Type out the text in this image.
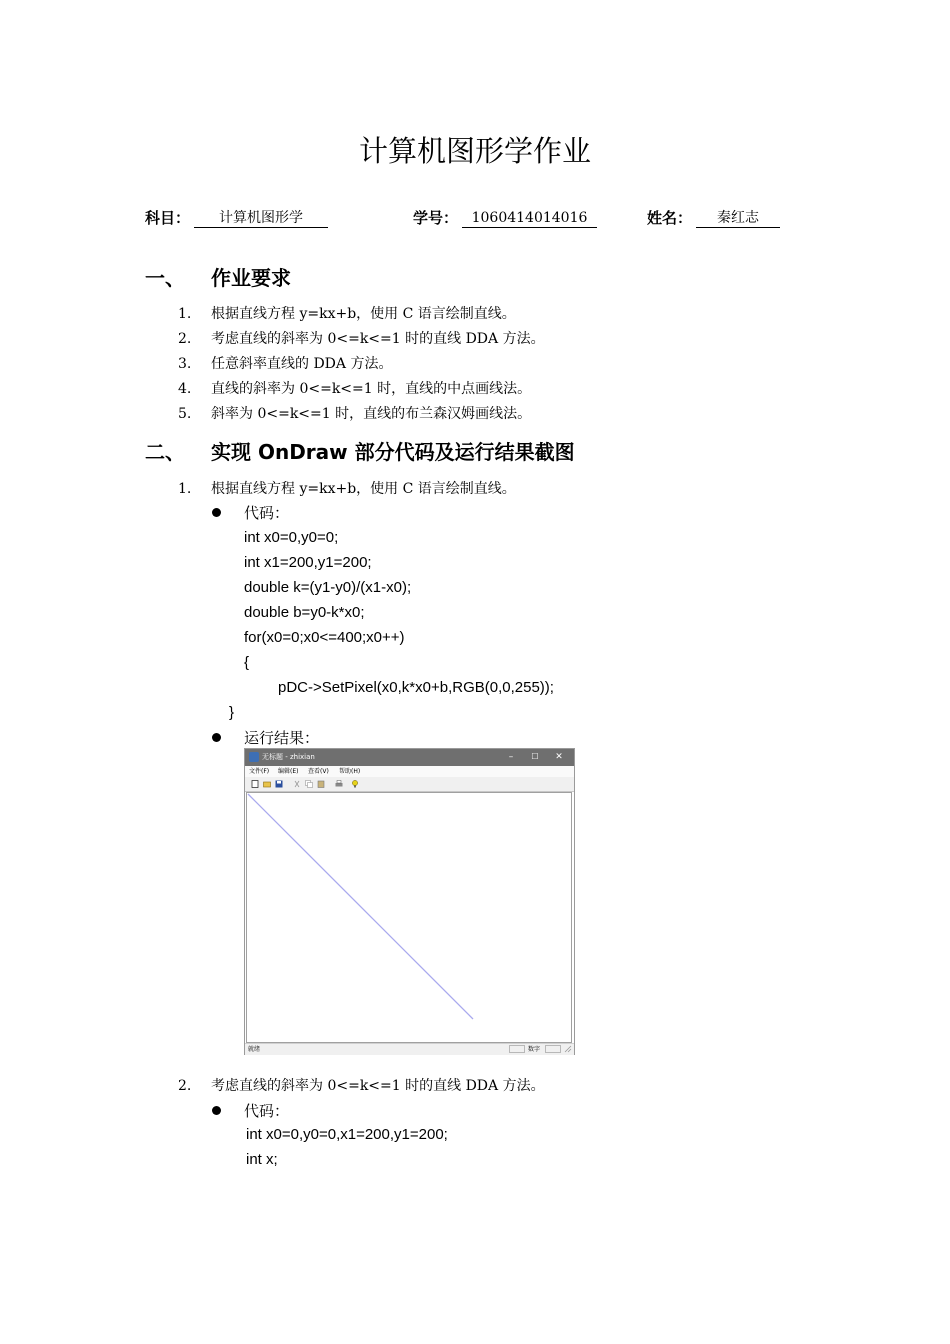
计算机图形学作业
科目：	计算机图形学	学号： 1060414014016	姓名：	秦红志
一、 作业要求
1. 根据直线方程 y=kx+b，使用 C 语言绘制直线。
2. 考虑直线的斜率为 0<=k<=1 时的直线 DDA 方法。
3. 任意斜率直线的 DDA 方法。
4. 直线的斜率为 0<=k<=1 时，直线的中点画线法。
5. 斜率为 0<=k<=1 时，直线的布兰森汉姆画线法。
二、 实现 OnDraw 部分代码及运行结果截图
1. 根据直线方程 y=kx+b，使用 C 语言绘制直线。
代码：
int x0=0,y0=0;
int x1=200,y1=200;
double k=(y1-y0)/(x1-x0);
double b=y0-k*x0;
for(x0=0;x0<=400;x0++)
{
pDC->SetPixel(x0,k*x0+b,RGB(0,0,255));
}
运行结果：
无标题 - zhixian	–	☐	✕
文件(F) 编辑(E) 查看(V) 帮助(H)
就绪	数字
2. 考虑直线的斜率为 0<=k<=1 时的直线 DDA 方法。
代码：
int x0=0,y0=0,x1=200,y1=200;
int x;
